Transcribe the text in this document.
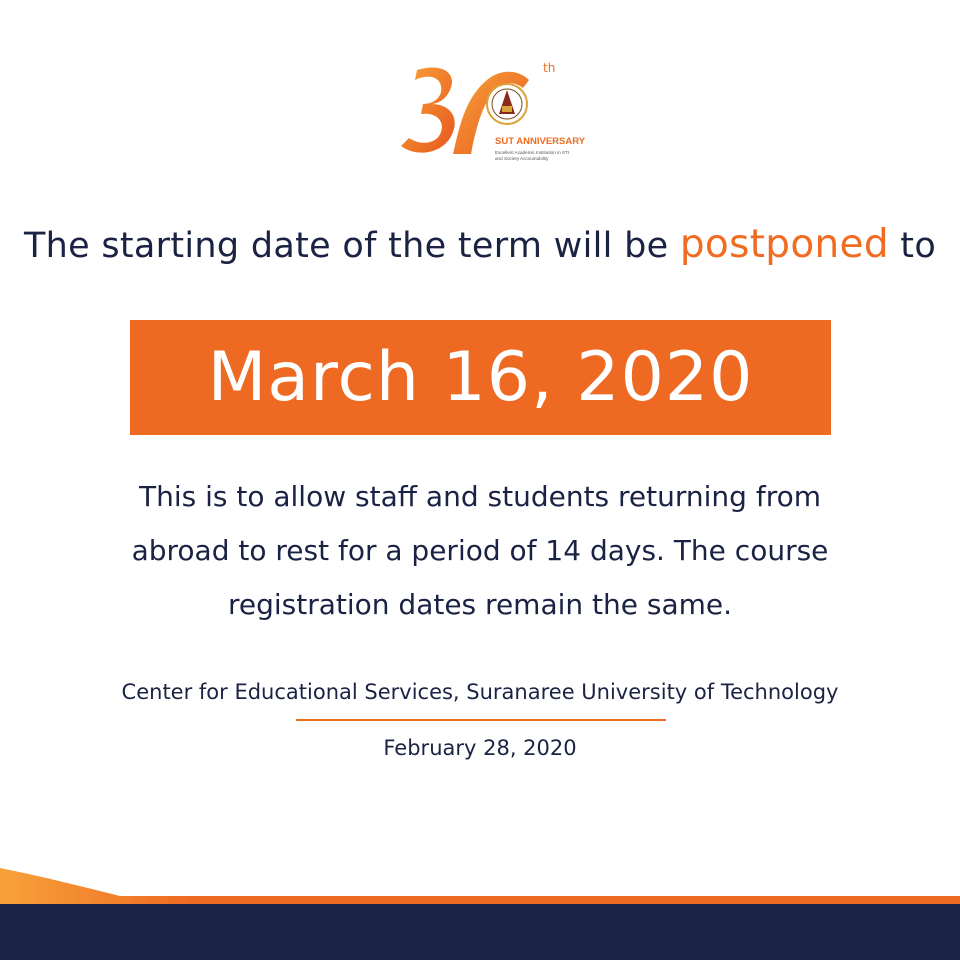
th
SUT ANNIVERSARY
Excellent Academic Institution in STI
and Society Accountability
3
The starting date of the term will be postponed to
March 16, 2020
This is to allow staff and students returning from
abroad to rest for a period of 14 days. The course
registration dates remain the same.
Center for Educational Services, Suranaree University of Technology
February 28, 2020
